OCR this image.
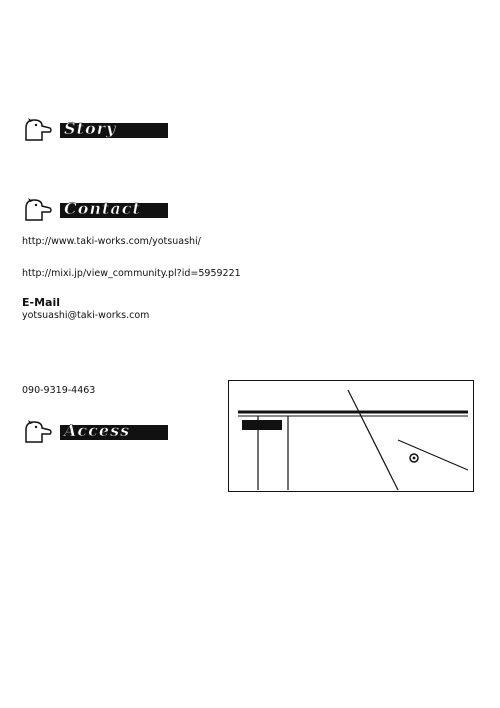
Story
Contact
http://www.taki-works.com/yotsuashi/
http://mixi.jp/view_community.pl?id=5959221
E-Mail
yotsuashi@taki-works.com
090-9319-4463
Access
